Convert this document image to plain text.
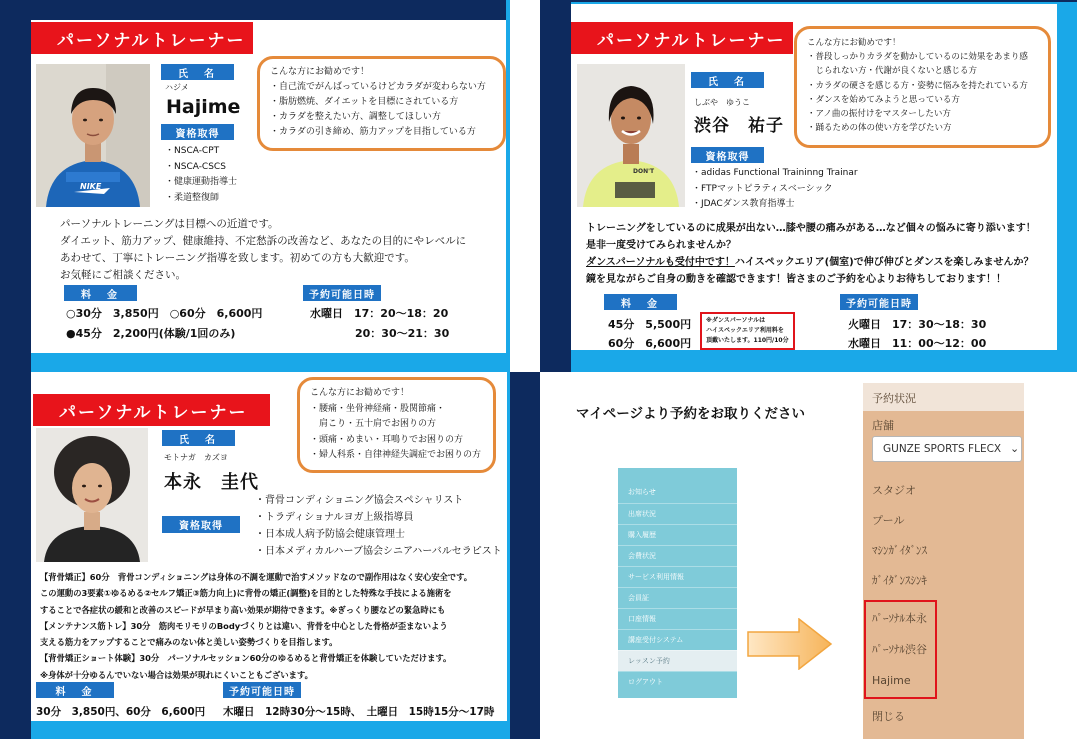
パーソナルトレーナー
NIKE
氏　名
ハジメ
Hajime
資格取得
・NSCA-CPT
・NSCA-CSCS
・健康運動指導士
・柔道整復師
こんな方にお勧めです！
・自己流でがんばっているけどカラダが変わらない方
・脂肪燃焼、ダイエットを目標にされている方
・カラダを整えたい方、調整してほしい方
・カラダの引き締め、筋力アップを目指している方
パーソナルトレーニングは目標への近道です。
ダイエット、筋力アップ、健康維持、不定愁訴の改善など、あなたの目的にやレベルに
あわせて、丁寧にトレーニング指導を致します。初めての方も大歓迎です。
お気軽にご相談ください。
料　金
○30分　3,850円　○60分　6,600円
●45分　2,200円(体験/1回のみ)
予約可能日時
水曜日　17：20～18：20
20：30～21：30
パーソナルトレーナー
DON'T
氏　名
しぶや　ゆうこ
渋谷　祐子
資格取得
・adidas Functional Traininng Trainar
・FTPマットピラティスベーシック
・JDACダンス教育指導士
こんな方にお勧めです！
・普段しっかりカラダを動かしているのに効果をあまり感
　じられない方・代謝が良くないと感じる方
・カラダの硬さを感じる方・姿勢に悩みを持たれている方
・ダンスを始めてみようと思っている方
・アノ曲の振付けをマスターしたい方
・踊るための体の使い方を学びたい方
トレーニングをしているのに成果が出ない…膝や腰の痛みがある…など個々の悩みに寄り添います！
是非一度受けてみられませんか？
ダンスパーソナルも受付中です！ハイスペックエリア(個室)で伸び伸びとダンスを楽しみませんか？
鏡を見ながらご自身の動きを確認できます！皆さまのご予約を心よりお待ちしております！！
料　金
45分　5,500円
60分　6,600円
※ダンスパーソナルは
ハイスペックエリア利用料を
頂戴いたします。110円/10分
予約可能日時
火曜日　17：30～18：30
水曜日　11：00～12：00
パーソナルトレーナー
氏　名
モトナガ　カズヨ
本永　圭代
資格取得
・背骨コンディショニング協会スペシャリスト
・トラディショナルヨガ上級指導員
・日本成人病予防協会健康管理士
・日本メディカルハーブ協会シニアハーバルセラピスト
こんな方にお勧めです！
・腰痛・坐骨神経痛・股関節痛・
　肩こり・五十肩でお困りの方
・頭痛・めまい・耳鳴りでお困りの方
・婦人科系・自律神経失調症でお困りの方
【背骨矯正】60分　背骨コンディショニングは身体の不調を運動で治すメソッドなので副作用はなく安心安全です。
この運動の3要素①ゆるめる②セルフ矯正③筋力向上)に背骨の矯正(調整)を目的とした特殊な手技による施術を
することで各症状の緩和と改善のスピードが早まり高い効果が期待できます。※ぎっくり腰などの緊急時にも
【メンテナンス筋トレ】30分　筋肉モリモリのBodyづくりとは違い、背骨を中心とした骨格が歪まないよう
支える筋力をアップすることで痛みのない体と美しい姿勢づくりを目指します。
【背骨矯正ショート体験】30分　パーソナルセッション60分のゆるめると背骨矯正を体験していただけます。
※身体が十分ゆるんでいない場合は効果が現れにくいこともございます。
料　金
30分　3,850円、60分　6,600円
予約可能日時
木曜日　12時30分～15時、　土曜日　15時15分～17時
マイページより予約をお取りください
お知らせ
出席状況
購入履歴
会費状況
サービス利用情報
会員証
口座情報
講座受付システム
レッスン予約
ログアウト
予約状況
店舗
GUNZE SPORTS FLECX ⌄
スタジオ
プール
ﾏｼﾝｶﾞｲﾀﾞﾝｽ
ｶﾞｲﾀﾞﾝｽｼﾝｷ
ﾊﾟｰｿﾅﾙ本永
ﾊﾟｰｿﾅﾙ渋谷
Hajime
閉じる
